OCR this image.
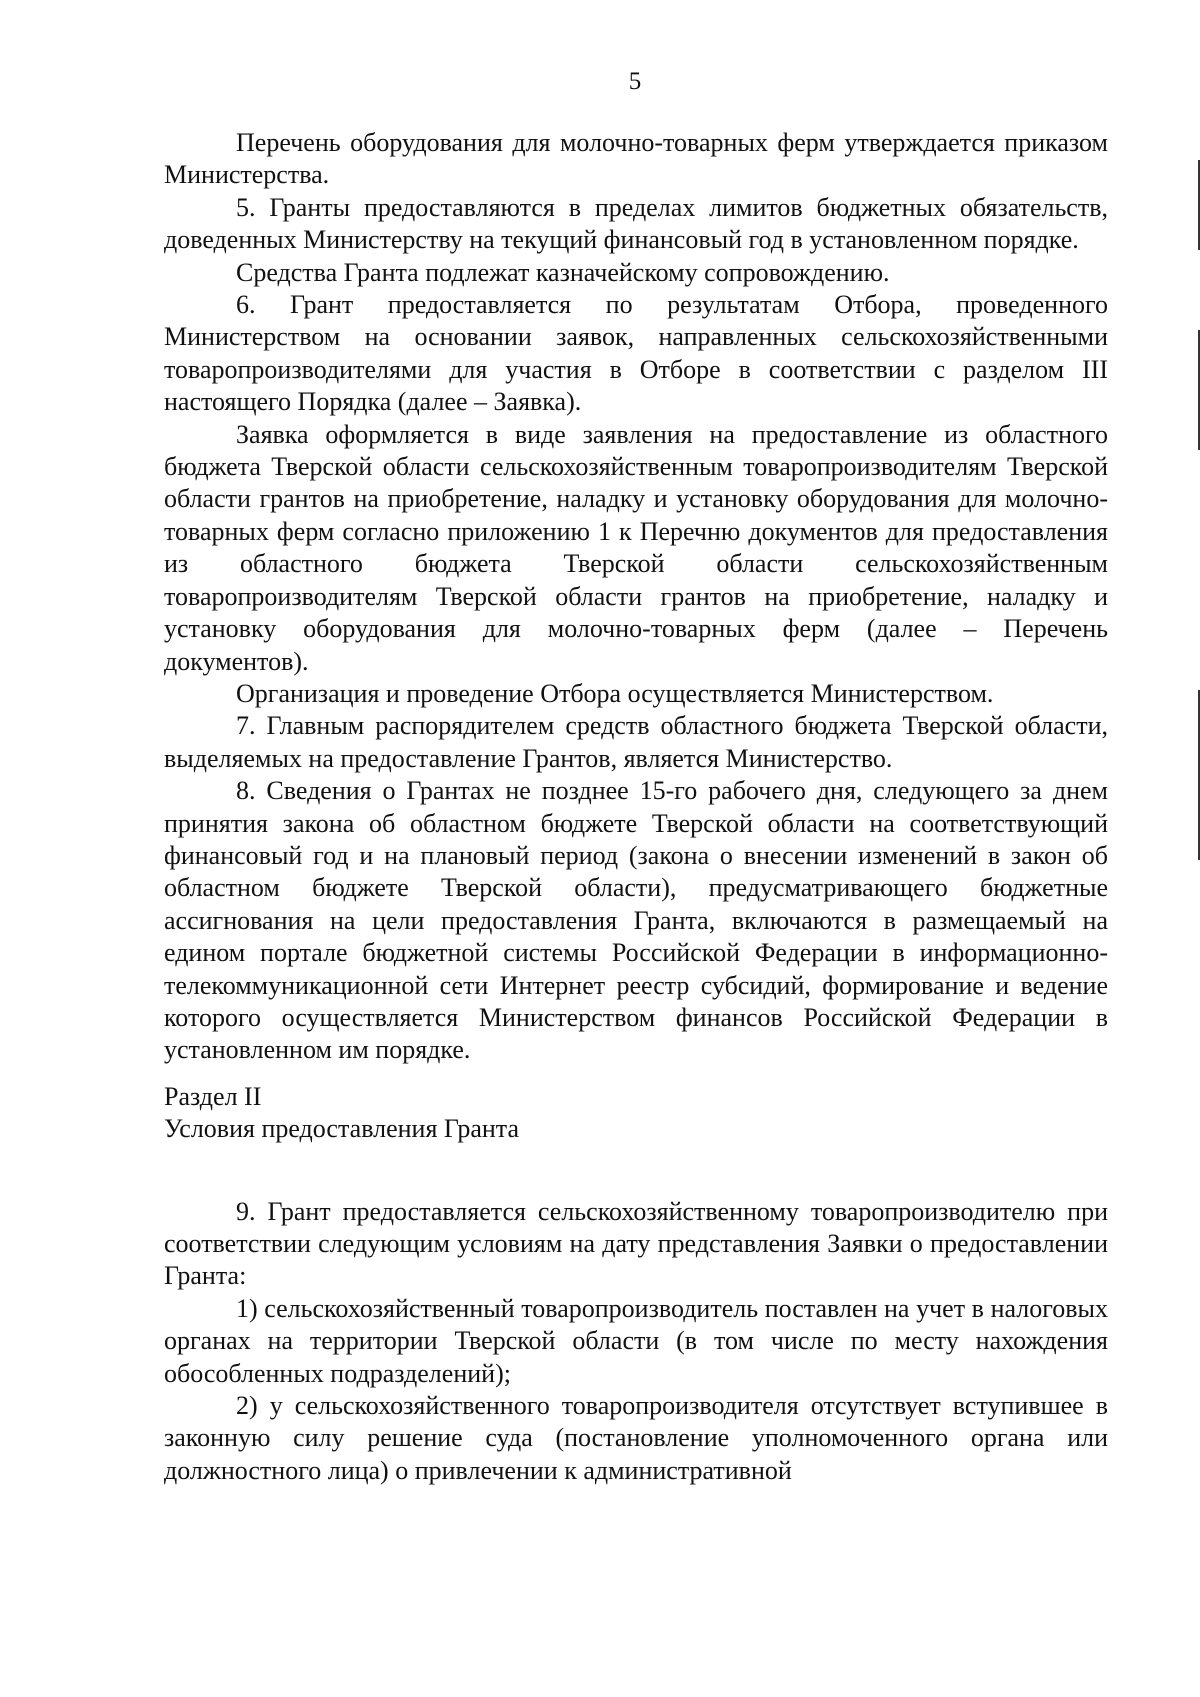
5

Перечень оборудования для молочно-товарных ферм утверждается приказом Министерства.

5. Гранты предоставляются в пределах лимитов бюджетных обязательств, доведенных Министерству на текущий финансовый год в установленном порядке.

Средства Гранта подлежат казначейскому сопровождению.

6. Грант предоставляется по результатам Отбора, проведенного Министерством на основании заявок, направленных сельскохозяйственными товаропроизводителями для участия в Отборе в соответствии с разделом III настоящего Порядка (далее – Заявка).

Заявка оформляется в виде заявления на предоставление из областного бюджета Тверской области сельскохозяйственным товаропроизводителям Тверской области грантов на приобретение, наладку и установку оборудования для молочно-товарных ферм согласно приложению 1 к Перечню документов для предоставления из областного бюджета Тверской области сельскохозяйственным товаропроизводителям Тверской области грантов на приобретение, наладку и установку оборудования для молочно-товарных ферм (далее – Перечень документов).

Организация и проведение Отбора осуществляется Министерством.

7. Главным распорядителем средств областного бюджета Тверской области, выделяемых на предоставление Грантов, является Министерство.

8. Сведения о Грантах не позднее 15-го рабочего дня, следующего за днем принятия закона об областном бюджете Тверской области на соответствующий финансовый год и на плановый период (закона о внесении изменений в закон об областном бюджете Тверской области), предусматривающего бюджетные ассигнования на цели предоставления Гранта, включаются в размещаемый на едином портале бюджетной системы Российской Федерации в информационно-телекоммуникационной сети Интернет реестр субсидий, формирование и ведение которого осуществляется Министерством финансов Российской Федерации в установленном им порядке.

Раздел II

Условия предоставления Гранта

9. Грант предоставляется сельскохозяйственному товаропроизводителю при соответствии следующим условиям на дату представления Заявки о предоставлении Гранта:

1) сельскохозяйственный товаропроизводитель поставлен на учет в налоговых органах на территории Тверской области (в том числе по месту нахождения обособленных подразделений);

2) у сельскохозяйственного товаропроизводителя отсутствует вступившее в законную силу решение суда (постановление уполномоченного органа или должностного лица) о привлечении к административной
